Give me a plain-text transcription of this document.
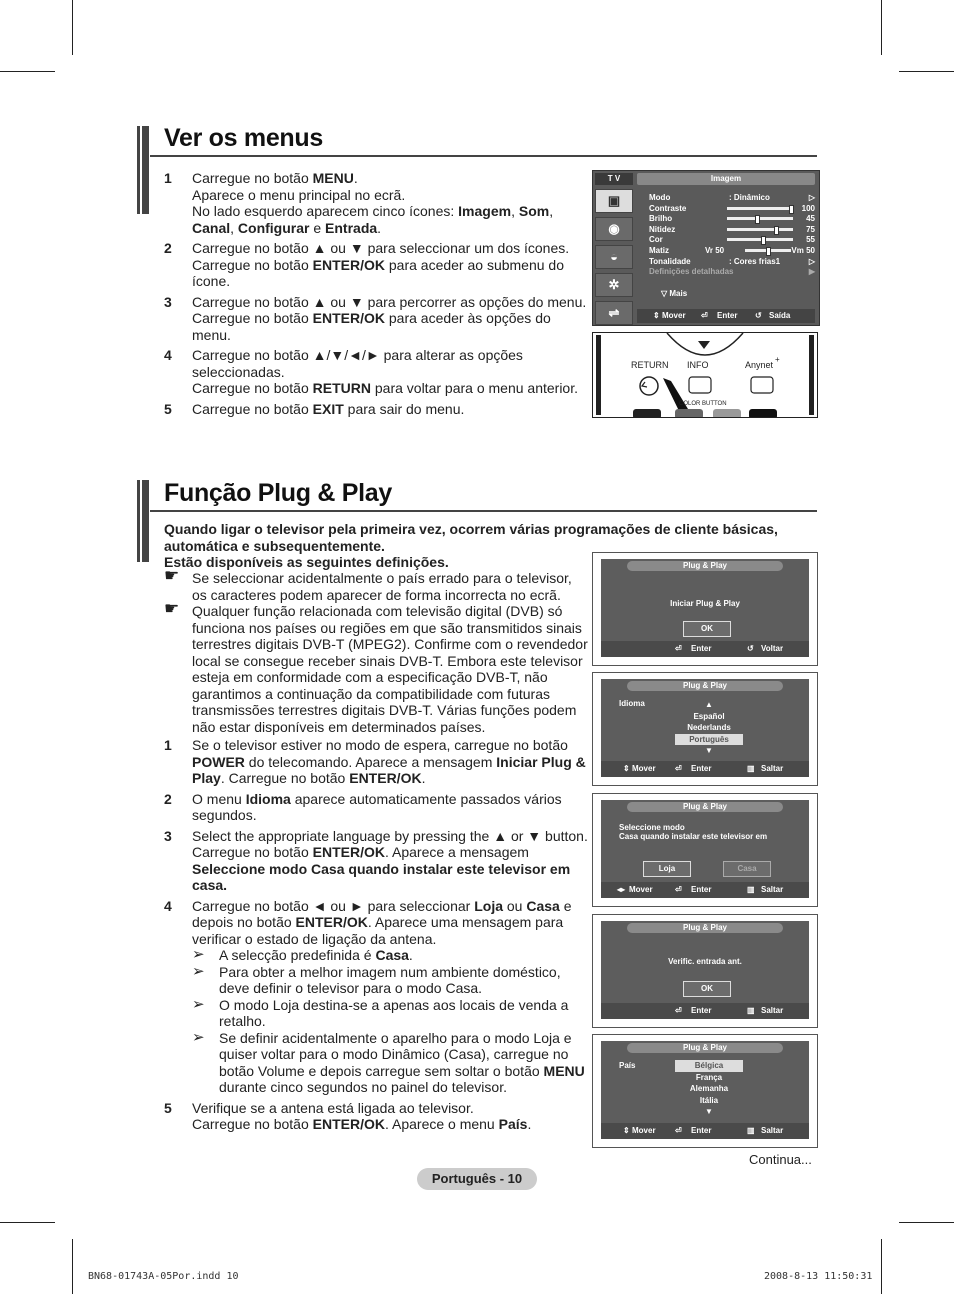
Ver os menus
1 Carregue no botão MENU.
Aparece o menu principal no ecrã.
No lado esquerdo aparecem cinco ícones: Imagem, Som,
Canal, Configurar e Entrada.
2 Carregue no botão ▲ ou ▼ para seleccionar um dos ícones.
Carregue no botão ENTER/OK para aceder ao submenu do
ícone.
3 Carregue no botão ▲ ou ▼ para percorrer as opções do menu.
Carregue no botão ENTER/OK para aceder às opções do
menu.
4 Carregue no botão ▲/▼/◄/► para alterar as opções
seleccionadas.
Carregue no botão RETURN para voltar para o menu anterior.
5 Carregue no botão EXIT para sair do menu.
T V	Imagem
▣
◉
◒
✲
⇌
Modo	: Dinâmico	▷
Contraste	100
Brilho	45
Nitidez	75
Cor	55
Matiz	Vr 50	Vm 50
Tonalidade	: Cores frias1	▷
Definições detalhadas	▶
▽ Mais
⇕ Mover ⏎ Enter ↺ Saída
RETURN INFO	Anynet
+
COLOR BUTTON
Função Plug & Play
Quando ligar o televisor pela primeira vez, ocorrem várias programações de cliente básicas,
automática e subsequentemente.
Estão disponíveis as seguintes definições.
☛ Se seleccionar acidentalmente o país errado para o televisor,
os caracteres podem aparecer de forma incorrecta no ecrã.
☛ Qualquer função relacionada com televisão digital (DVB) só
funciona nos países ou regiões em que são transmitidos sinais
terrestres digitais DVB-T (MPEG2). Confirme com o revendedor
local se consegue receber sinais DVB-T. Embora este televisor
esteja em conformidade com a especificação DVB-T, não
garantimos a continuação da compatibilidade com futuras
transmissões terrestres digitais DVB-T. Várias funções podem
não estar disponíveis em determinados países.
1 Se o televisor estiver no modo de espera, carregue no botão
POWER do telecomando. Aparece a mensagem Iniciar Plug &
Play. Carregue no botão ENTER/OK.
2 O menu Idioma aparece automaticamente passados vários
segundos.
3 Select the appropriate language by pressing the ▲ or ▼ button.
Carregue no botão ENTER/OK. Aparece a mensagem
Seleccione modo Casa quando instalar este televisor em
casa.
4 Carregue no botão ◄ ou ► para seleccionar Loja ou Casa e
depois no botão ENTER/OK. Aparece uma mensagem para
verificar o estado de ligação da antena.
➢ A selecção predefinida é Casa.
➢ Para obter a melhor imagem num ambiente doméstico,
deve definir o televisor para o modo Casa.
➢ O modo Loja destina-se a apenas aos locais de venda a
retalho.
➢ Se definir acidentalmente o aparelho para o modo Loja e
quiser voltar para o modo Dinâmico (Casa), carregue no
botão Volume e depois carregue sem soltar o botão MENU
durante cinco segundos no painel do televisor.
5 Verifique se a antena está ligada ao televisor.
Carregue no botão ENTER/OK. Aparece o menu País.
Plug & Play
Iniciar Plug & Play
OK
⏎ Enter	↺ Voltar
Plug & Play
Idioma	▲
Español
Nederlands
Português
▼
⇕ Mover ⏎ Enter	▥ Saltar
Plug & Play
Seleccione modo
Casa quando instalar este televisor em
Loja	Casa
◂▸ Mover	⏎ Enter	▥ Saltar
Plug & Play
Verific. entrada ant.
OK
⏎ Enter	▥ Saltar
Plug & Play
País	Bélgica
França
Alemanha
Itália
▼
⇕ Mover ⏎ Enter	▥ Saltar
Continua...
Português - 10
BN68-01743A-05Por.indd 10	2008-8-13 11:50:31
